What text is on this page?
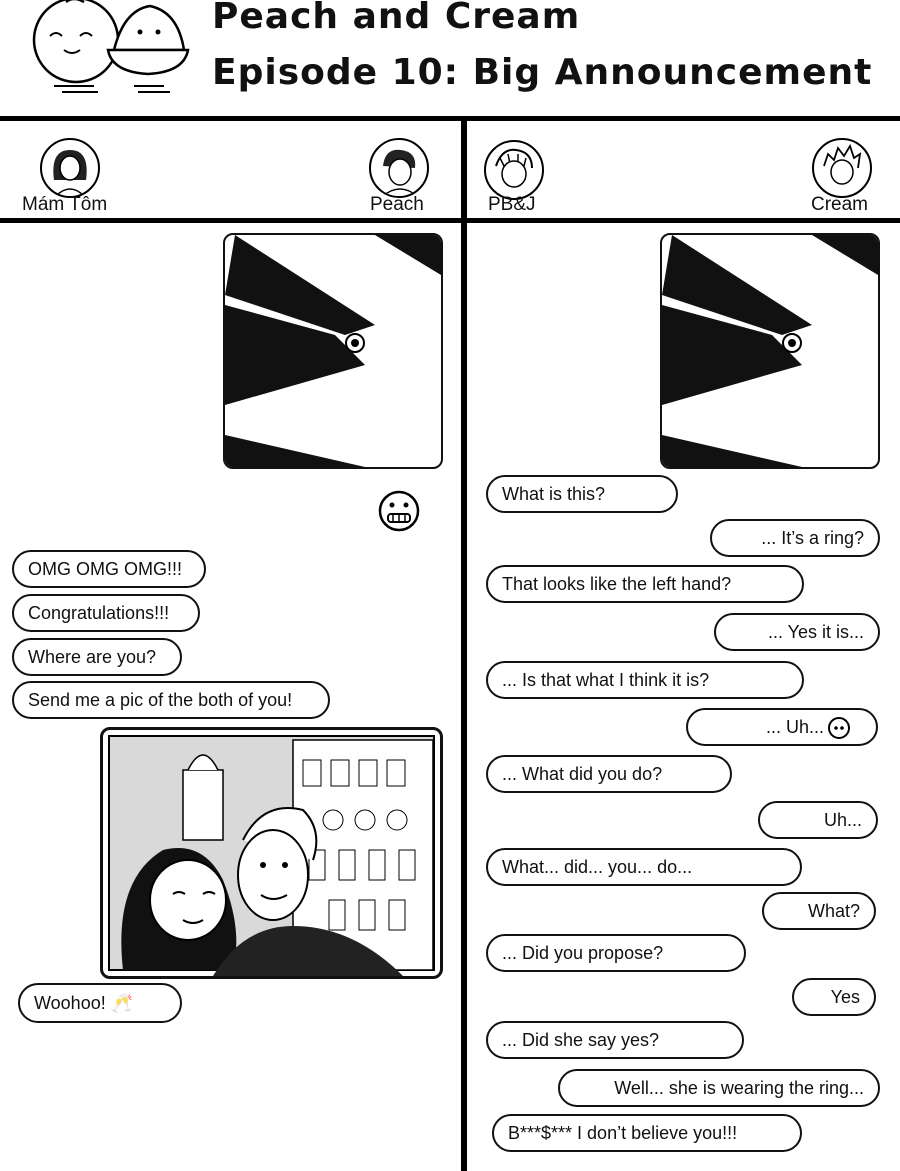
Peach and Cream
Episode 10: Big Announcement
Mám Tôm	Peach	PB&J	Cream
OMG OMG OMG!!!
Congratulations!!!
Where are you?
Send me a pic of the both of you!
Woohoo! 🥂
What is this?
... It’s a ring?
That looks like the left hand?
... Yes it is...
... Is that what I think it is?
... Uh...
... What did you do?
Uh...
What... did... you... do...
What?
... Did you propose?
Yes
... Did she say yes?
Well... she is wearing the ring...
B***$*** I don’t believe you!!!
